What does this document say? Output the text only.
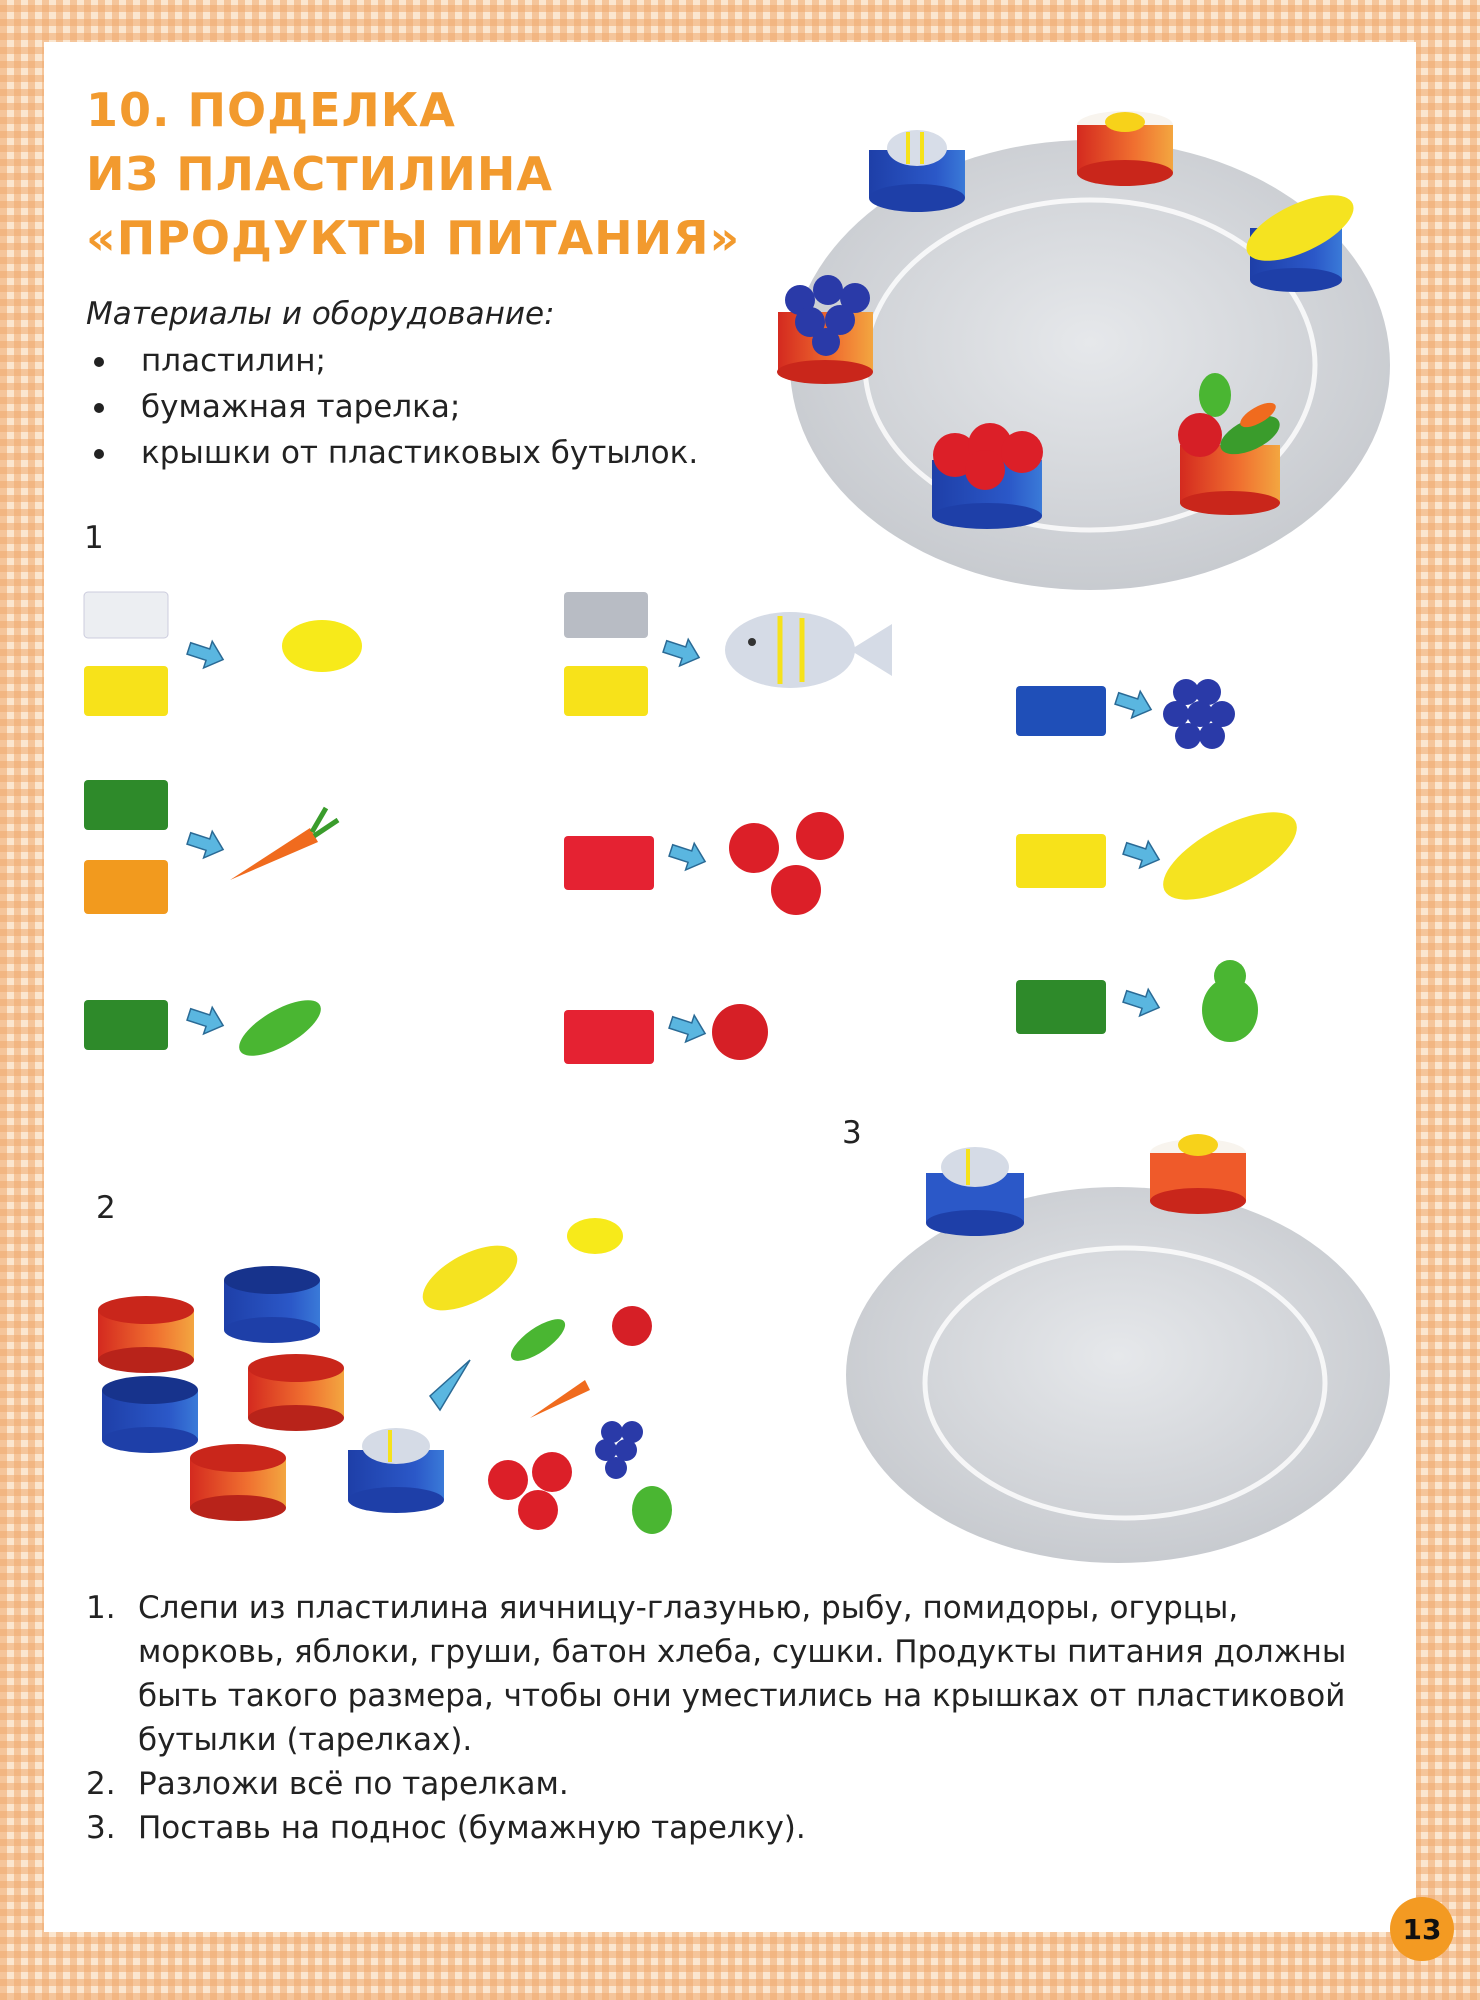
10. ПОДЕЛКА
ИЗ ПЛАСТИЛИНА
«ПРОДУКТЫ ПИТАНИЯ»
Материалы и оборудование:
пластилин;
бумажная тарелка;
крышки от пластиковых бутылок.
1
2
3
1. Слепи из пластилина яичницу-глазунью, рыбу, помидоры, огурцы, морковь, яблоки, груши, батон хлеба, сушки. Продукты питания должны быть такого размера, чтобы они уместились на крышках от пластиковой бутылки (тарелках).
2. Разложи всё по тарелкам.
3. Поставь на поднос (бумажную тарелку).
13
